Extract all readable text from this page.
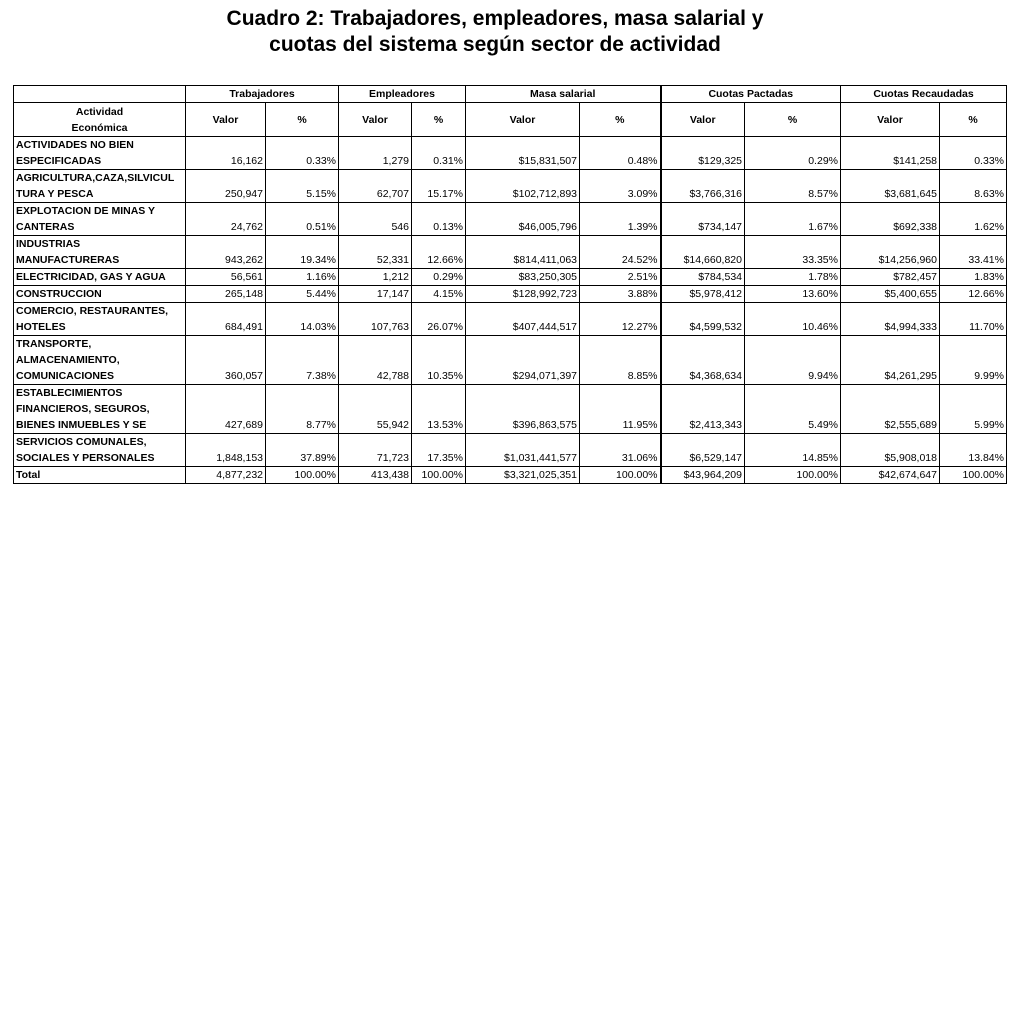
Cuadro 2: Trabajadores, empleadores, masa salarial y
cuotas del sistema según sector de actividad
	Trabajadores		Empleadores		Masa salarial		Cuotas Pactadas		Cuotas Recaudadas	

Actividad
Económica	Valor	%	Valor	%	Valor	%	Valor	%	Valor	%

ACTIVIDADES NO BIEN
ESPECIFICADAS	16,162	0.33%	1,279	0.31%	$15,831,507	0.48%	$129,325	0.29%	$141,258	0.33%

AGRICULTURA,CAZA,SILVICUL
TURA Y PESCA	250,947	5.15%	62,707	15.17%	$102,712,893	3.09%	$3,766,316	8.57%	$3,681,645	8.63%

EXPLOTACION DE MINAS Y
CANTERAS	24,762	0.51%	546	0.13%	$46,005,796	1.39%	$734,147	1.67%	$692,338	1.62%

INDUSTRIAS
MANUFACTURERAS	943,262	19.34%	52,331	12.66%	$814,411,063	24.52%	$14,660,820	33.35%	$14,256,960	33.41%

ELECTRICIDAD, GAS Y AGUA	56,561	1.16%	1,212	0.29%	$83,250,305	2.51%	$784,534	1.78%	$782,457	1.83%

CONSTRUCCION	265,148	5.44%	17,147	4.15%	$128,992,723	3.88%	$5,978,412	13.60%	$5,400,655	12.66%

COMERCIO, RESTAURANTES,
HOTELES	684,491	14.03%	107,763	26.07%	$407,444,517	12.27%	$4,599,532	10.46%	$4,994,333	11.70%

TRANSPORTE,
ALMACENAMIENTO,
COMUNICACIONES	360,057	7.38%	42,788	10.35%	$294,071,397	8.85%	$4,368,634	9.94%	$4,261,295	9.99%

ESTABLECIMIENTOS
FINANCIEROS, SEGUROS,
BIENES INMUEBLES Y SE	427,689	8.77%	55,942	13.53%	$396,863,575	11.95%	$2,413,343	5.49%	$2,555,689	5.99%

SERVICIOS COMUNALES,
SOCIALES Y PERSONALES	1,848,153	37.89%	71,723	17.35%	$1,031,441,577	31.06%	$6,529,147	14.85%	$5,908,018	13.84%

Total	4,877,232	100.00%	413,438	100.00%	$3,321,025,351	100.00%	$43,964,209	100.00%	$42,674,647	100.00%
